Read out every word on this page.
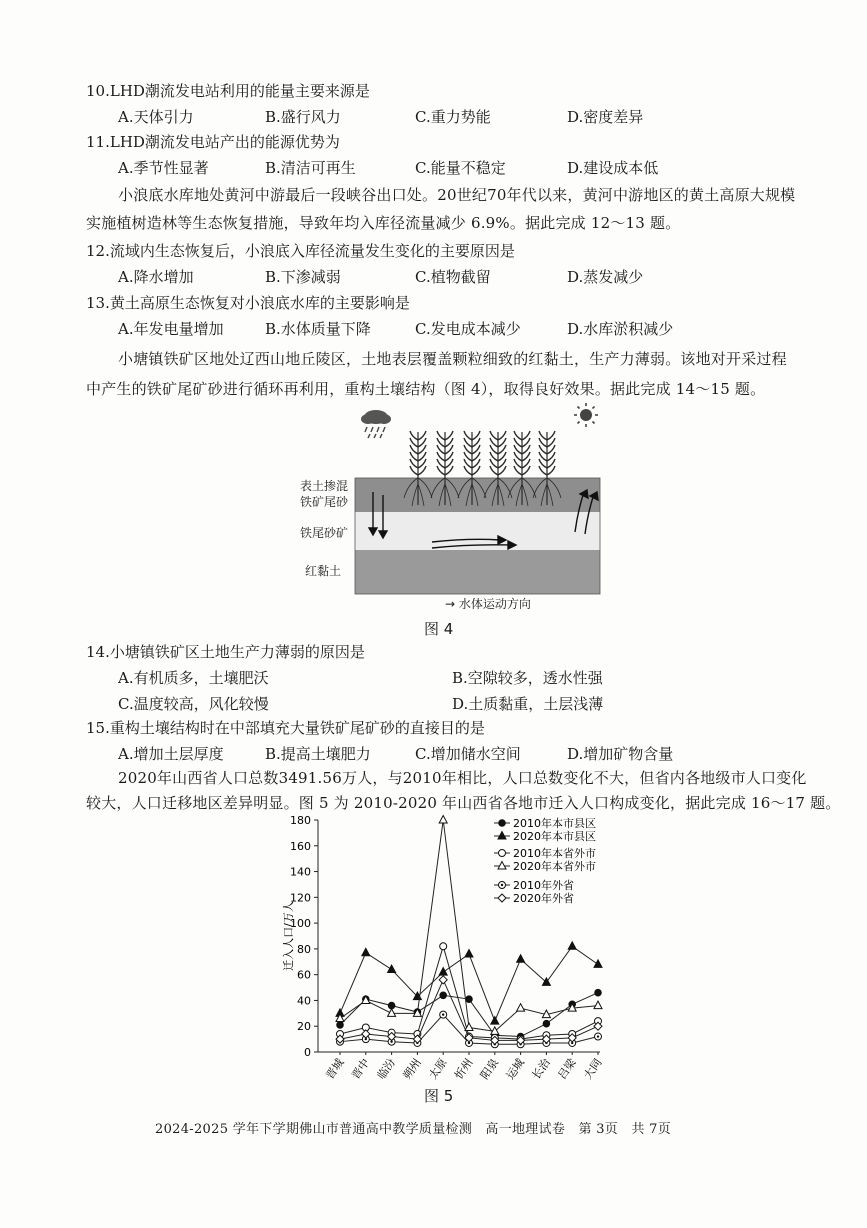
10.LHD潮流发电站利用的能量主要来源是
A.天体引力	B.盛行风力	C.重力势能	D.密度差异
11.LHD潮流发电站产出的能源优势为
A.季节性显著	B.清洁可再生	C.能量不稳定	D.建设成本低
小浪底水库地处黄河中游最后一段峡谷出口处。20世纪70年代以来，黄河中游地区的黄土高原大规模
实施植树造林等生态恢复措施，导致年均入库径流量减少 6.9%。据此完成 12～13 题。
12.流域内生态恢复后，小浪底入库径流量发生变化的主要原因是
A.降水增加	B.下渗减弱	C.植物截留	D.蒸发减少
13.黄土高原生态恢复对小浪底水库的主要影响是
A.年发电量增加	B.水体质量下降	C.发电成本减少	D.水库淤积减少
小塘镇铁矿区地处辽西山地丘陵区，土地表层覆盖颗粒细致的红黏土，生产力薄弱。该地对开采过程
中产生的铁矿尾矿砂进行循环再利用，重构土壤结构（图 4），取得良好效果。据此完成 14～15 题。
表土掺混
铁矿尾砂
铁尾砂矿
红黏土
→ 水体运动方向
图 4
14.小塘镇铁矿区土地生产力薄弱的原因是
A.有机质多，土壤肥沃	B.空隙较多，透水性强
C.温度较高，风化较慢	D.土质黏重，土层浅薄
15.重构土壤结构时在中部填充大量铁矿尾矿砂的直接目的是
A.增加土层厚度	B.提高土壤肥力	C.增加储水空间	D.增加矿物含量
2020年山西省人口总数3491.56万人，与2010年相比，人口总数变化不大，但省内各地级市人口变化
较大，人口迁移地区差异明显。图 5 为 2010-2020 年山西省各地市迁入人口构成变化，据此完成 16～17 题。
0
20
40
60
80
100
120
140
160
180
迁入人口/万人
晋城 晋中 临汾 朔州 太原 忻州 阳泉 运城 长治 吕梁 大同
2010年本市县区
2020年本市县区
2010年本省外市
2020年本省外市
2010年外省
2020年外省
图 5
2024-2025 学年下学期佛山市普通高中教学质量检测　高一地理试卷　第 3页　共 7页
